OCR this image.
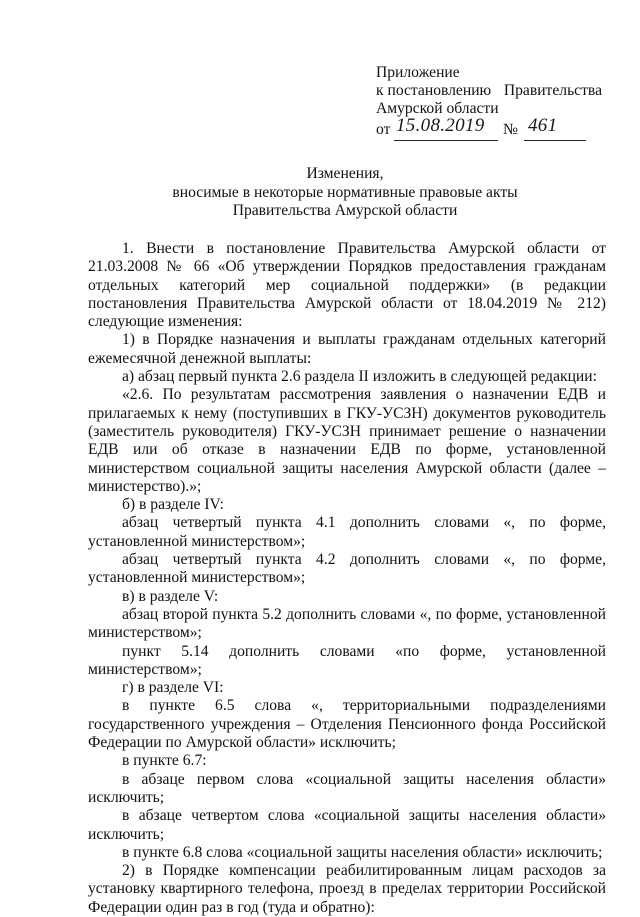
Приложение
к постановлению Правительства
Амурской области
от 15.08.2019 № 461
Изменения,
вносимые в некоторые нормативные правовые акты
Правительства Амурской области

1. Внести в постановление Правительства Амурской области от 21.03.2008 № 66 «Об утверждении Порядков предоставления гражданам отдельных категорий мер социальной поддержки» (в редакции постановления Правительства Амурской области от 18.04.2019 № 212) следующие изменения:

1) в Порядке назначения и выплаты гражданам отдельных категорий ежемесячной денежной выплаты:

а) абзац первый пункта 2.6 раздела II изложить в следующей редакции:

«2.6. По результатам рассмотрения заявления о назначении ЕДВ и прилагаемых к нему (поступивших в ГКУ-УСЗН) документов руководитель (заместитель руководителя) ГКУ-УСЗН принимает решение о назначении ЕДВ или об отказе в назначении ЕДВ по форме, установленной министерством социальной защиты населения Амурской области (далее – министерство).»;

б) в разделе IV:

абзац четвертый пункта 4.1 дополнить словами «, по форме, установленной министерством»;

абзац четвертый пункта 4.2 дополнить словами «, по форме, установленной министерством»;

в) в разделе V:

абзац второй пункта 5.2 дополнить словами «, по форме, установленной министерством»;

пункт 5.14 дополнить словами «по форме, установленной министерством»;

г) в разделе VI:

в пункте 6.5 слова «, территориальными подразделениями государственного учреждения – Отделения Пенсионного фонда Российской Федерации по Амурской области» исключить;

в пункте 6.7:

в абзаце первом слова «социальной защиты населения области» исключить;

в абзаце четвертом слова «социальной защиты населения области» исключить;

в пункте 6.8 слова «социальной защиты населения области» исключить;

2) в Порядке компенсации реабилитированным лицам расходов за установку квартирного телефона, проезд в пределах территории Российской Федерации один раз в год (туда и обратно):
